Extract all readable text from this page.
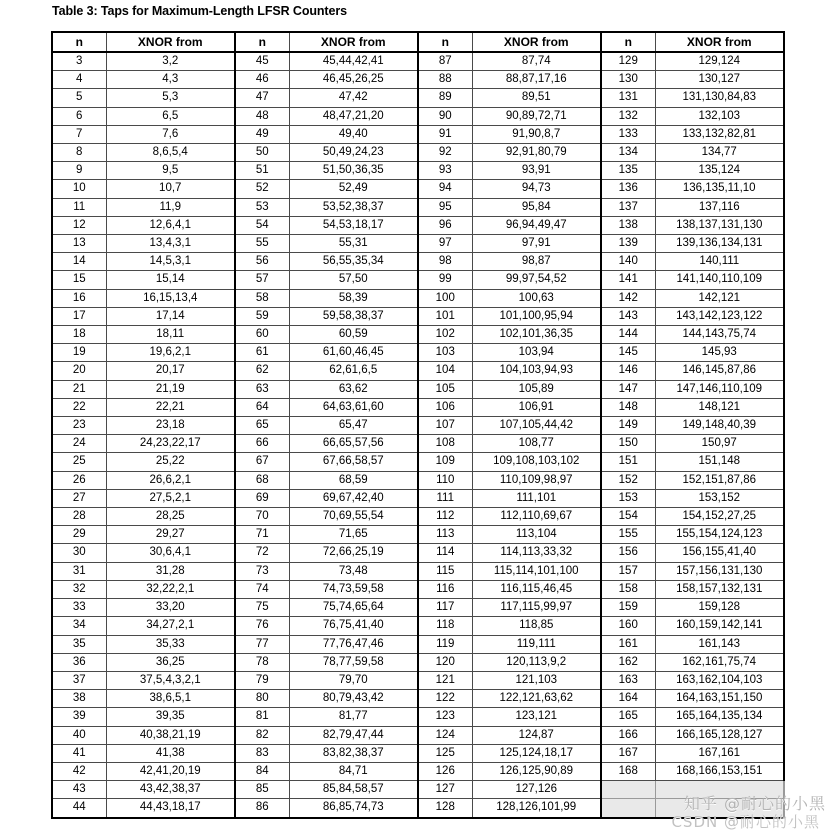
Table 3: Taps for Maximum-Length LFSR Counters
n	XNOR from	n	XNOR from	n	XNOR from	n	XNOR from
3	3,2	45	45,44,42,41	87	87,74	129	129,124
4	4,3	46	46,45,26,25	88	88,87,17,16	130	130,127
5	5,3	47	47,42	89	89,51	131	131,130,84,83
6	6,5	48	48,47,21,20	90	90,89,72,71	132	132,103
7	7,6	49	49,40	91	91,90,8,7	133	133,132,82,81
8	8,6,5,4	50	50,49,24,23	92	92,91,80,79	134	134,77
9	9,5	51	51,50,36,35	93	93,91	135	135,124
10	10,7	52	52,49	94	94,73	136	136,135,11,10
11	11,9	53	53,52,38,37	95	95,84	137	137,116
12	12,6,4,1	54	54,53,18,17	96	96,94,49,47	138	138,137,131,130
13	13,4,3,1	55	55,31	97	97,91	139	139,136,134,131
14	14,5,3,1	56	56,55,35,34	98	98,87	140	140,111
15	15,14	57	57,50	99	99,97,54,52	141	141,140,110,109
16	16,15,13,4	58	58,39	100	100,63	142	142,121
17	17,14	59	59,58,38,37	101	101,100,95,94	143	143,142,123,122
18	18,11	60	60,59	102	102,101,36,35	144	144,143,75,74
19	19,6,2,1	61	61,60,46,45	103	103,94	145	145,93
20	20,17	62	62,61,6,5	104	104,103,94,93	146	146,145,87,86
21	21,19	63	63,62	105	105,89	147	147,146,110,109
22	22,21	64	64,63,61,60	106	106,91	148	148,121
23	23,18	65	65,47	107	107,105,44,42	149	149,148,40,39
24	24,23,22,17	66	66,65,57,56	108	108,77	150	150,97
25	25,22	67	67,66,58,57	109	109,108,103,102	151	151,148
26	26,6,2,1	68	68,59	110	110,109,98,97	152	152,151,87,86
27	27,5,2,1	69	69,67,42,40	111	111,101	153	153,152
28	28,25	70	70,69,55,54	112	112,110,69,67	154	154,152,27,25
29	29,27	71	71,65	113	113,104	155	155,154,124,123
30	30,6,4,1	72	72,66,25,19	114	114,113,33,32	156	156,155,41,40
31	31,28	73	73,48	115	115,114,101,100	157	157,156,131,130
32	32,22,2,1	74	74,73,59,58	116	116,115,46,45	158	158,157,132,131
33	33,20	75	75,74,65,64	117	117,115,99,97	159	159,128
34	34,27,2,1	76	76,75,41,40	118	118,85	160	160,159,142,141
35	35,33	77	77,76,47,46	119	119,111	161	161,143
36	36,25	78	78,77,59,58	120	120,113,9,2	162	162,161,75,74
37	37,5,4,3,2,1	79	79,70	121	121,103	163	163,162,104,103
38	38,6,5,1	80	80,79,43,42	122	122,121,63,62	164	164,163,151,150
39	39,35	81	81,77	123	123,121	165	165,164,135,134
40	40,38,21,19	82	82,79,47,44	124	124,87	166	166,165,128,127
41	41,38	83	83,82,38,37	125	125,124,18,17	167	167,161
42	42,41,20,19	84	84,71	126	126,125,90,89	168	168,166,153,151
43	43,42,38,37	85	85,84,58,57	127	127,126		
44	44,43,18,17	86	86,85,74,73	128	128,126,101,99			知乎 @耐心的小黑
CSDN @耐心的小黑
